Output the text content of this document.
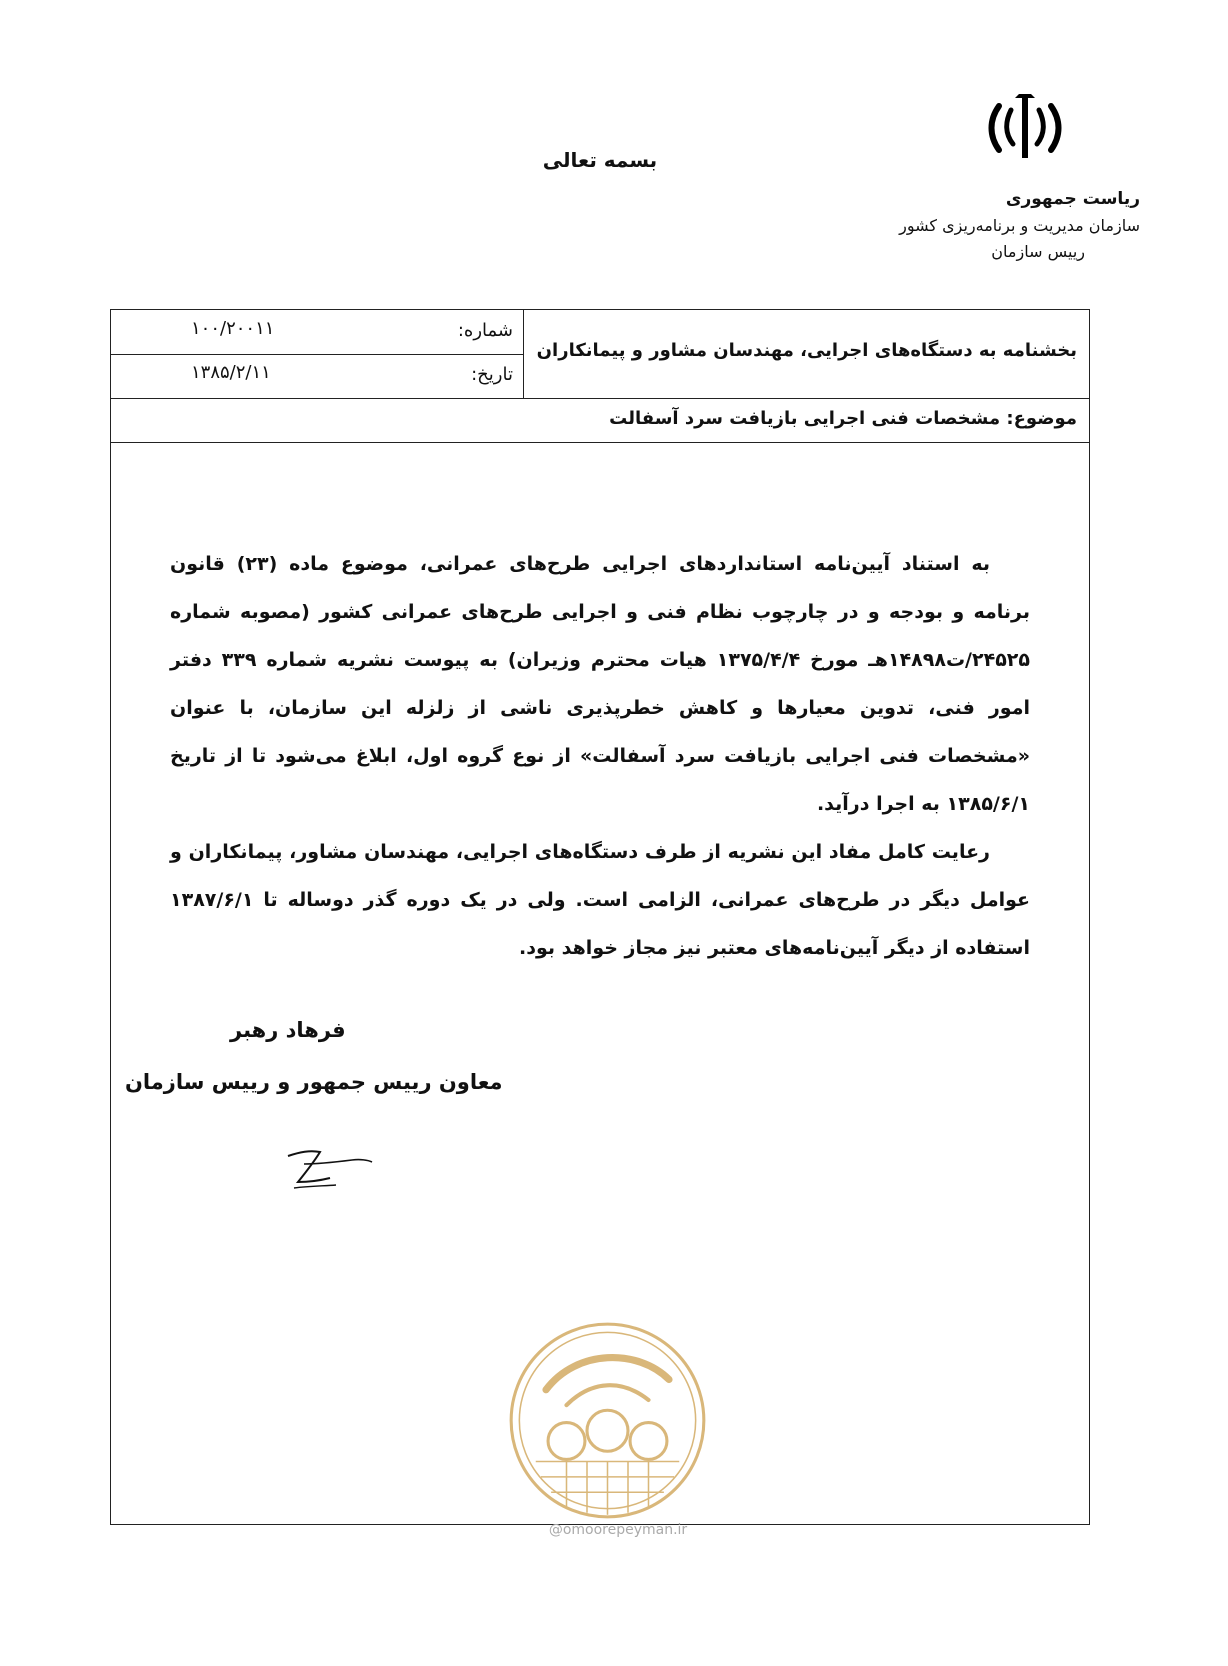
بسمه تعالی
ریاست جمهوری
سازمان مدیریت و برنامه‌ریزی کشور
رییس سازمان
شماره:
۱۰۰/۲۰۰۱۱
تاریخ:
۱۳۸۵/۲/۱۱
بخشنامه به دستگاه‌های اجرایی، مهندسان مشاور و پیمانکاران
موضوع: مشخصات فنی اجرایی بازیافت سرد آسفالت

به استناد آیین‌نامه استانداردهای اجرایی طرح‌های عمرانی، موضوع ماده (۲۳) قانون برنامه و بودجه و در چارچوب نظام فنی و اجرایی طرح‌های عمرانی کشور (مصوبه شماره ۲۴۵۲۵/ت۱۴۸۹۸هـ مورخ ۱۳۷۵/۴/۴ هیات محترم وزیران) به پیوست نشریه شماره ۳۳۹ دفتر امور فنی، تدوین معیارها و کاهش خطرپذیری ناشی از زلزله این سازمان، با عنوان «مشخصات فنی اجرایی بازیافت سرد آسفالت» از نوع گروه اول، ابلاغ می‌شود تا از تاریخ ۱۳۸۵/۶/۱ به اجرا درآید.

رعایت کامل مفاد این نشریه از طرف دستگاه‌های اجرایی، مهندسان مشاور، پیمانکاران و عوامل دیگر در طرح‌های عمرانی، الزامی است. ولی در یک دوره گذر دوساله تا ۱۳۸۷/۶/۱ استفاده از دیگر آیین‌نامه‌های معتبر نیز مجاز خواهد بود.

فرهاد رهبر
معاون رییس جمهور و رییس سازمان
@omoorepeyman.ir
